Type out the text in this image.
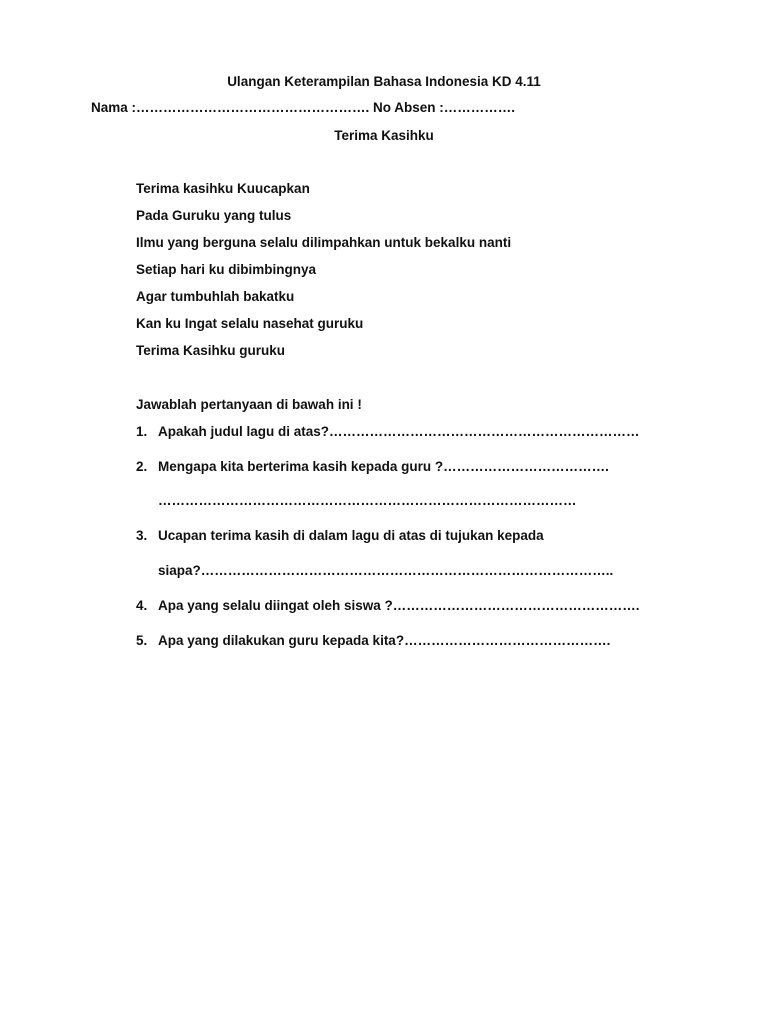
Ulangan Keterampilan Bahasa Indonesia KD 4.11
Nama :……………………………………………. No Absen :…………….
Terima Kasihku
Terima kasihku Kuucapkan
Pada Guruku yang tulus
Ilmu yang berguna selalu dilimpahkan untuk bekalku nanti
Setiap hari ku dibimbingnya
Agar tumbuhlah bakatku
Kan ku Ingat selalu nasehat guruku
Terima Kasihku guruku
Jawablah pertanyaan di bawah ini !
1. Apakah judul lagu di atas?……………………………………………………………
2. Mengapa kita berterima kasih kepada guru ?……………………………….
…………………………………………………………………………………
3. Ucapan terima kasih di dalam lagu di atas di tujukan kepada
siapa?………………………………………………………………………………..
4. Apa yang selalu diingat oleh siswa ?……………………………………………….
5. Apa yang dilakukan guru kepada kita?……………………………………….
